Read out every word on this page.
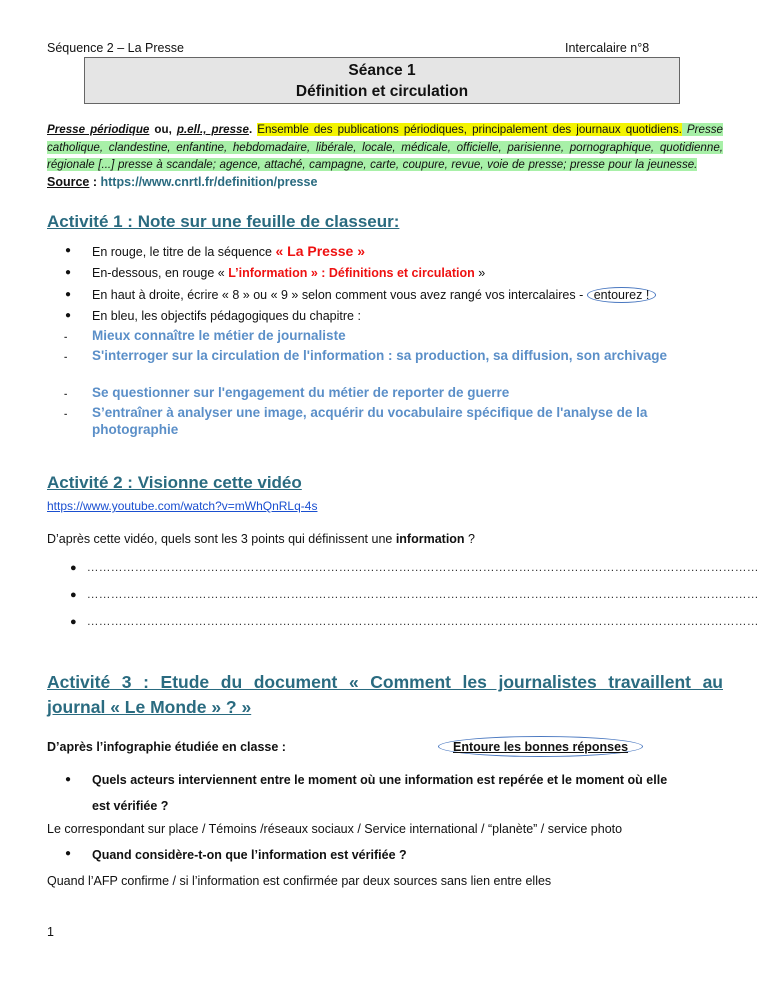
Séquence 2 – La Presse	Intercalaire n°8
Séance 1
Définition et circulation
Presse périodique ou, p.ell., presse. Ensemble des publications périodiques, principalement des journaux quotidiens. Presse catholique, clandestine, enfantine, hebdomadaire, libérale, locale, médicale, officielle, parisienne, pornographique, quotidienne, régionale [...] presse à scandale; agence, attaché, campagne, carte, coupure, revue, voie de presse; presse pour la jeunesse. Source : https://www.cnrtl.fr/definition/presse
Activité 1 : Note sur une feuille de classeur:
● En rouge, le titre de la séquence « La Presse »
● En-dessous, en rouge « L’information » : Définitions et circulation »
● En haut à droite, écrire « 8 » ou « 9 » selon comment vous avez rangé vos intercalaires - entourez !
● En bleu, les objectifs pédagogiques du chapitre :
- Mieux connaître le métier de journaliste
- S'interroger sur la circulation de l'information : sa production, sa diffusion, son archivage
- Se questionner sur l'engagement du métier de reporter de guerre
- S’entraîner à analyser une image, acquérir du vocabulaire spécifique de l'analyse de la photographie
Activité 2 : Visionne cette vidéo
https://www.youtube.com/watch?v=mWhQnRLq-4s
D’après cette vidéo, quels sont les 3 points qui définissent une information ?
● ……………………………………………………………………………………………………………………………………………………
● ……………………………………………………………………………………………………………………………………………………
● ……………………………………………………………………………………………………………………………………………………
Activité 3 : Etude du document « Comment les journalistes travaillent au
journal « Le Monde » ? »
D’après l’infographie étudiée en classe :	Entoure les bonnes réponses
● Quels acteurs interviennent entre le moment où une information est repérée et le moment où elle
est vérifiée ?
Le correspondant sur place / Témoins /réseaux sociaux / Service international / “planète” / service photo
● Quand considère-t-on que l’information est vérifiée ?
Quand l’AFP confirme / si l’information est confirmée par deux sources sans lien entre elles
1
